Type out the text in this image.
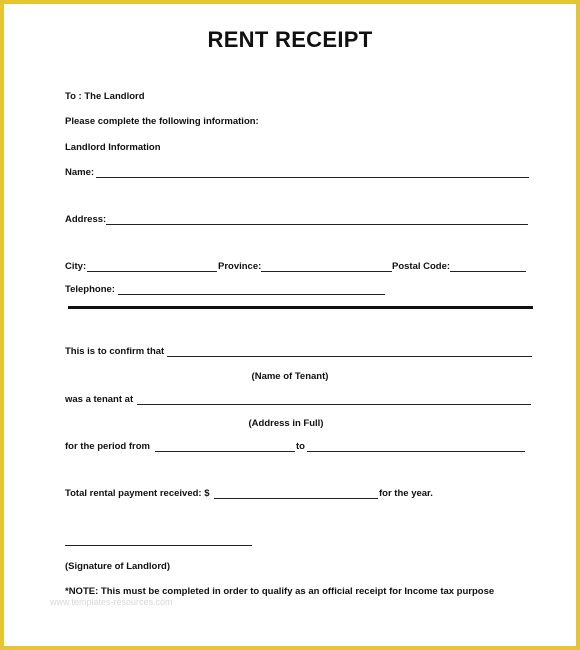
RENT RECEIPT
To : The Landlord
Please complete the following information:
Landlord Information
Name:
Address:
City:	Province:	Postal Code:
Telephone:
This is to confirm that
(Name of Tenant)
was a tenant at
(Address in Full)
for the period from	to
Total rental payment received: $	for the year.
(Signature of Landlord)
www.templates-resources.com
*NOTE: This must be completed in order to qualify as an official receipt for Income tax purpose
